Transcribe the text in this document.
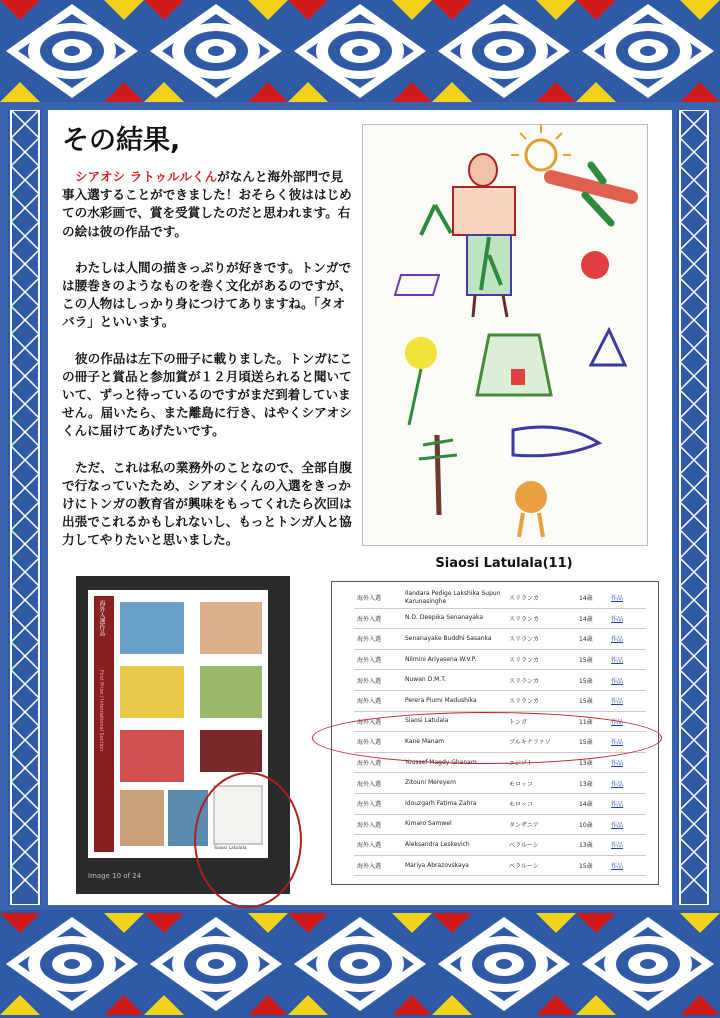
その結果,

シアオシ ラトゥルルくんがなんと海外部門で見事入選することができました！おそらく彼ははじめての水彩画で、賞を受賞したのだと思われます。右の絵は彼の作品です。

わたしは人間の描きっぷりが好きです。トンガでは腰巻きのようなものを巻く文化があるのですが、この人物はしっかり身につけてありますね。「タオバラ」といいます。

彼の作品は左下の冊子に載りました。トンガにこの冊子と賞品と参加賞が１２月頃送られると聞いていて、ずっと待っているのですがまだ到着していません。届いたら、また離島に行き、はやくシアオシくんに届けてあげたいです。

ただ、これは私の業務外のことなので、全部自腹で行なっていたため、シアオシくんの入選をきっかけにトンガの教育省が興味をもってくれたら次回は出張でこれるかもしれないし、もっとトンガ人と協力してやりたいと思いました。

Siaosi Latulala(11)
海外入選作品
First Prize / International Section
Siaosi Latulala
Image 10 of 24
海外入選	Ilandara Pedige Lakshika Supun Karunasinghe	スリランカ	14歳	作品
海外入選	N.D. Deepika Senanayaka	スリランカ	14歳	作品
海外入選	Senanayake Buddhi Sasanka	スリランカ	14歳	作品
海外入選	Nilmini Ariyasena W.V.P.	スリランカ	15歳	作品
海外入選	Nuwan D.M.T.	スリランカ	15歳	作品
海外入選	Perera Piumi Madushika	スリランカ	15歳	作品
海外入選	Siaosi Latulala	トンガ	11歳	作品
海外入選	Kane Manam	ブルキナファソ	15歳	作品
海外入選	Youssef Magdy Ghanam	エジプト	13歳	作品
海外入選	Zitouni Mereyem	モロッコ	13歳	作品
海外入選	Idouzgarh Fatima Zahra	モロッコ	14歳	作品
海外入選	Kimaro Samwel	タンザニア	10歳	作品
海外入選	Aleksandra Leskevich	ベラルーシ	13歳	作品
海外入選	Mariya Abrazovskaya	ベラルーシ	15歳	作品
